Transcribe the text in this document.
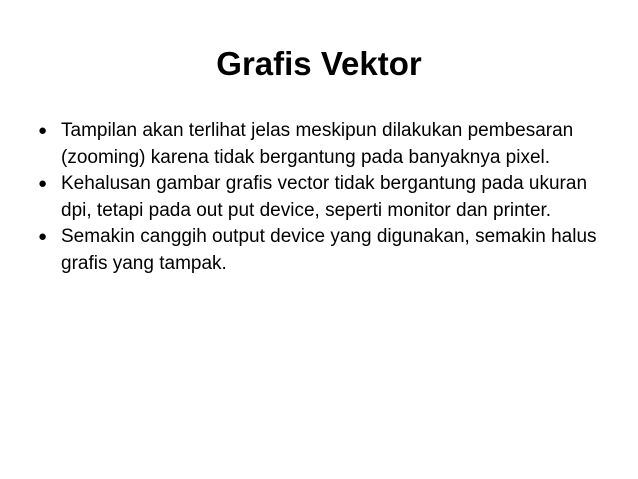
Grafis Vektor
● Tampilan akan terlihat jelas meskipun dilakukan pembesaran (zooming) karena tidak bergantung pada banyaknya pixel.
● Kehalusan gambar grafis vector tidak bergantung pada ukuran dpi, tetapi pada out put device, seperti monitor dan printer.
● Semakin canggih output device yang digunakan, semakin halus grafis yang tampak.
